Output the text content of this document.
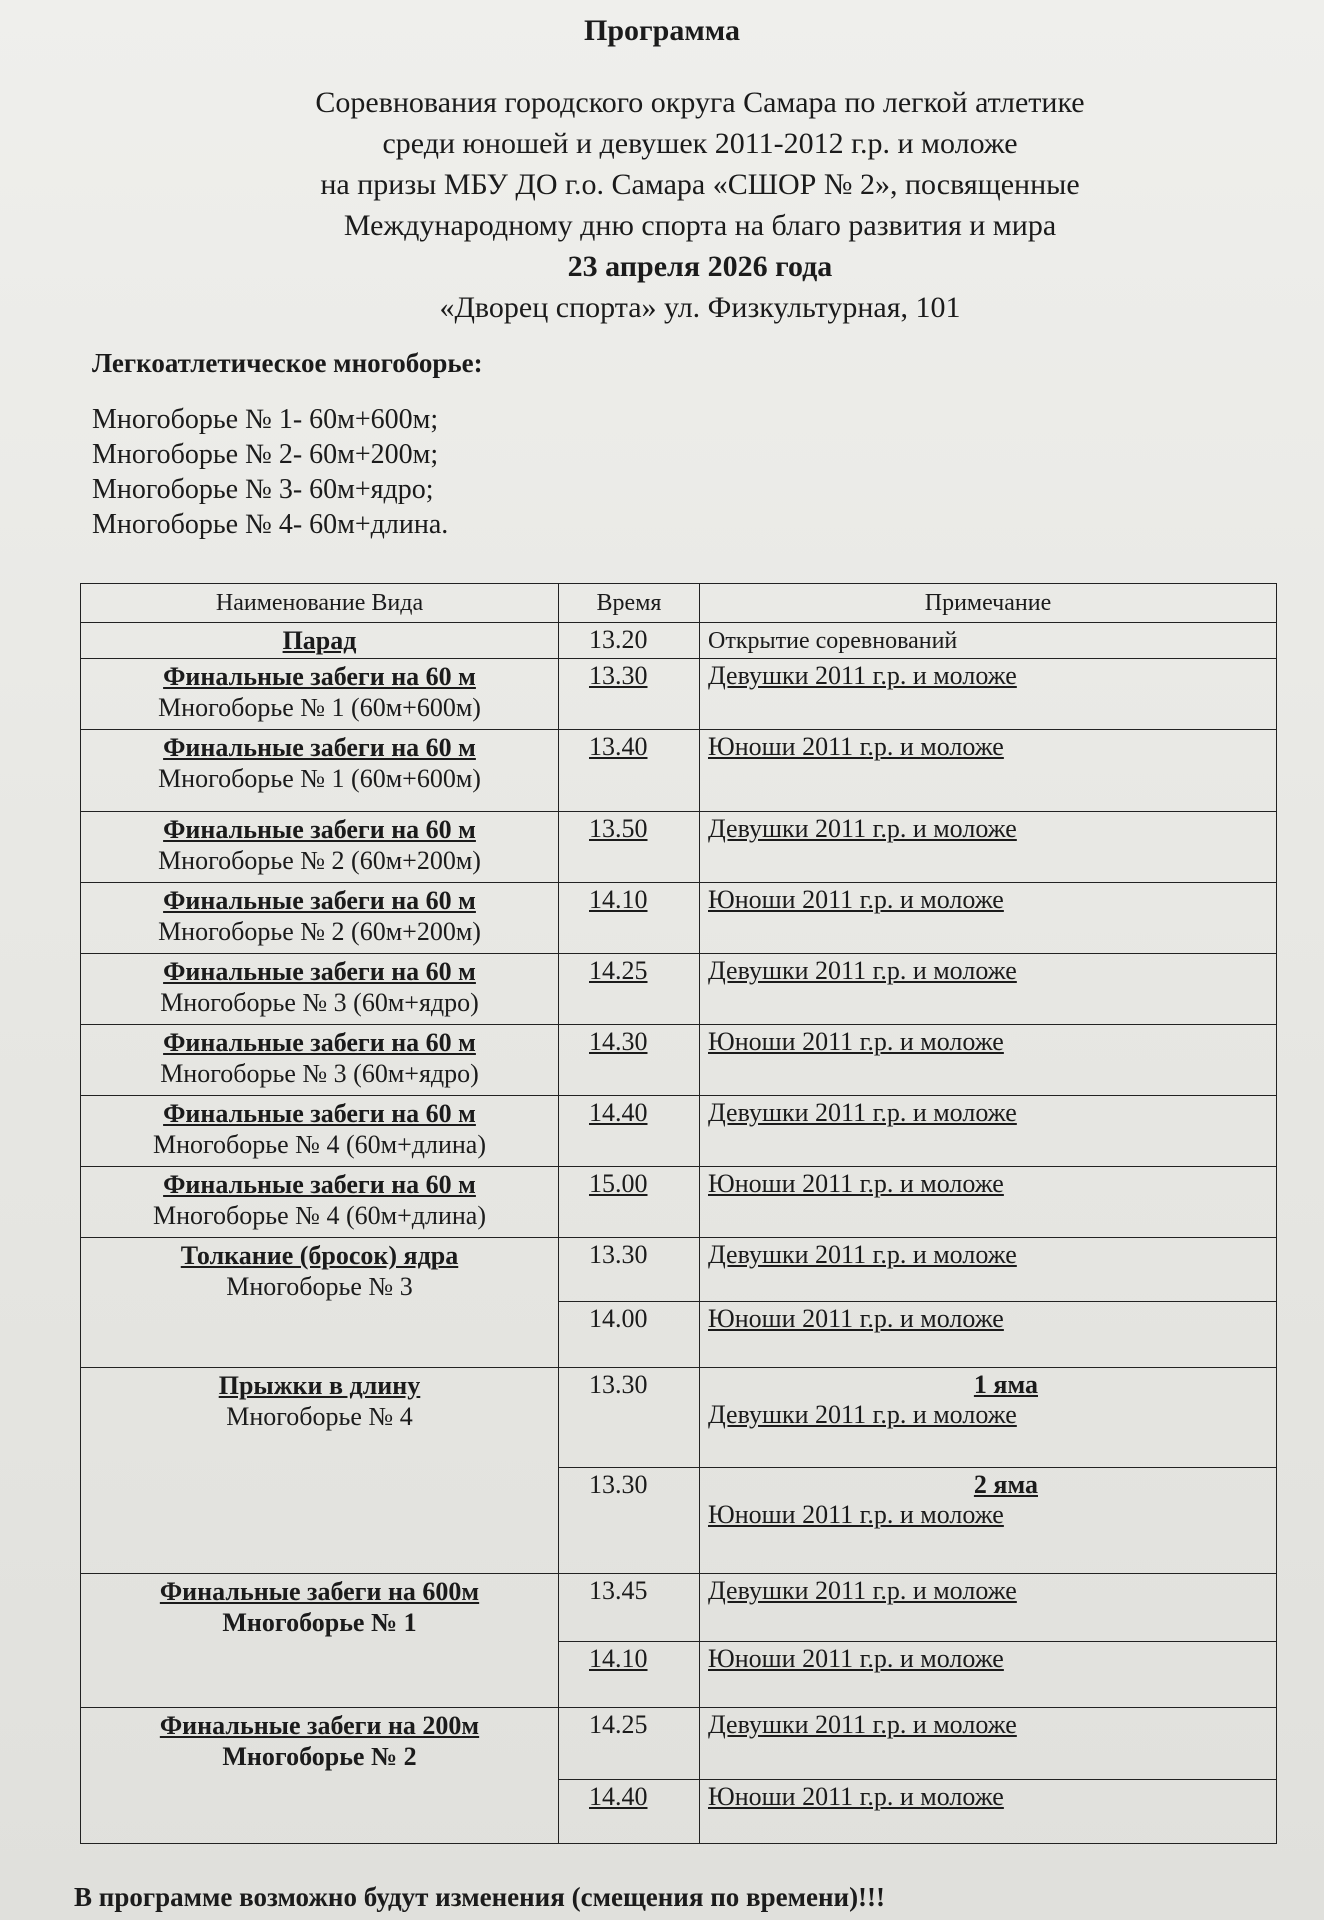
Программа
Соревнования городского округа Самара по легкой атлетике
среди юношей и девушек 2011-2012 г.р. и моложе
на призы МБУ ДО г.о. Самара «СШОР № 2», посвященные
Международному дню спорта на благо развития и мира
23 апреля 2026 года
«Дворец спорта» ул. Физкультурная, 101
Легкоатлетическое многоборье:
Многоборье № 1- 60м+600м;
Многоборье № 2- 60м+200м;
Многоборье № 3- 60м+ядро;
Многоборье № 4- 60м+длина.
Наименование Вида	Время	Примечание
Парад	13.20	Открытие соревнований
Финальные забеги на 60 м
Многоборье № 1 (60м+600м)	13.30	Девушки 2011 г.р. и моложе
Финальные забеги на 60 м
Многоборье № 1 (60м+600м)	13.40	Юноши 2011 г.р. и моложе
Финальные забеги на 60 м
Многоборье № 2 (60м+200м)	13.50	Девушки 2011 г.р. и моложе
Финальные забеги на 60 м
Многоборье № 2 (60м+200м)	14.10	Юноши 2011 г.р. и моложе
Финальные забеги на 60 м
Многоборье № 3 (60м+ядро)	14.25	Девушки 2011 г.р. и моложе
Финальные забеги на 60 м
Многоборье № 3 (60м+ядро)	14.30	Юноши 2011 г.р. и моложе
Финальные забеги на 60 м
Многоборье № 4 (60м+длина)	14.40	Девушки 2011 г.р. и моложе
Финальные забеги на 60 м
Многоборье № 4 (60м+длина)	15.00	Юноши 2011 г.р. и моложе
Толкание (бросок) ядра
Многоборье № 3	13.30	Девушки 2011 г.р. и моложе
	14.00	Юноши 2011 г.р. и моложе
Прыжки в длину
Многоборье № 4	13.30	1 яма
Девушки 2011 г.р. и моложе
	13.30	2 яма
Юноши 2011 г.р. и моложе
Финальные забеги на 600м
Многоборье № 1	13.45	Девушки 2011 г.р. и моложе
	14.10	Юноши 2011 г.р. и моложе
Финальные забеги на 200м
Многоборье № 2	14.25	Девушки 2011 г.р. и моложе
	14.40	Юноши 2011 г.р. и моложе
В программе возможно будут изменения (смещения по времени)!!!
